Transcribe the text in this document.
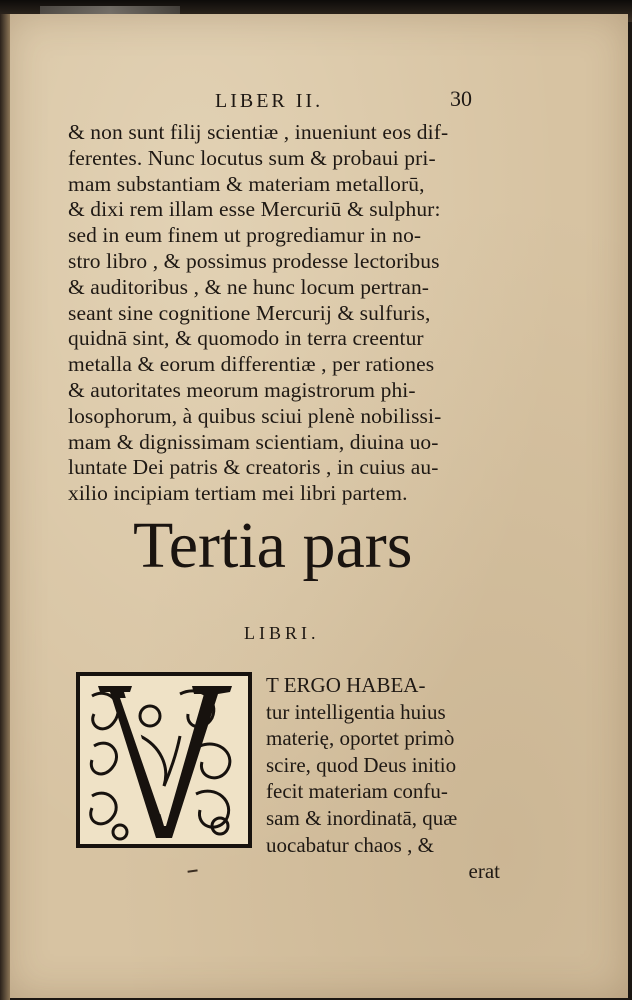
LIBER II.	30
& non sunt filij scientiæ , inueniunt eos dif-
ferentes. Nunc locutus sum & probaui pri-
mam substantiam & materiam metallorū,
& dixi rem illam esse Mercuriū & sulphur:
sed in eum finem ut progrediamur in no-
stro libro , & possimus prodesse lectoribus
& auditoribus , & ne hunc locum pertran-
seant sine cognitione Mercurij & sulfuris,
quidnā sint, & quomodo in terra creentur
metalla & eorum differentiæ , per rationes
& autoritates meorum magistrorum phi-
losophorum, à quibus sciui plenè nobilissi-
mam & dignissimam scientiam, diuina uo-
luntate Dei patris & creatoris , in cuius au-
xilio incipiam tertiam mei libri partem.
Tertia pars
LIBRI.
T ERGO HABEA-
tur intelligentia huius
materię, oportet primò
scire, quod Deus initio
fecit materiam confu-
sam & inordinatā, quæ
uocabatur chaos , &
erat
